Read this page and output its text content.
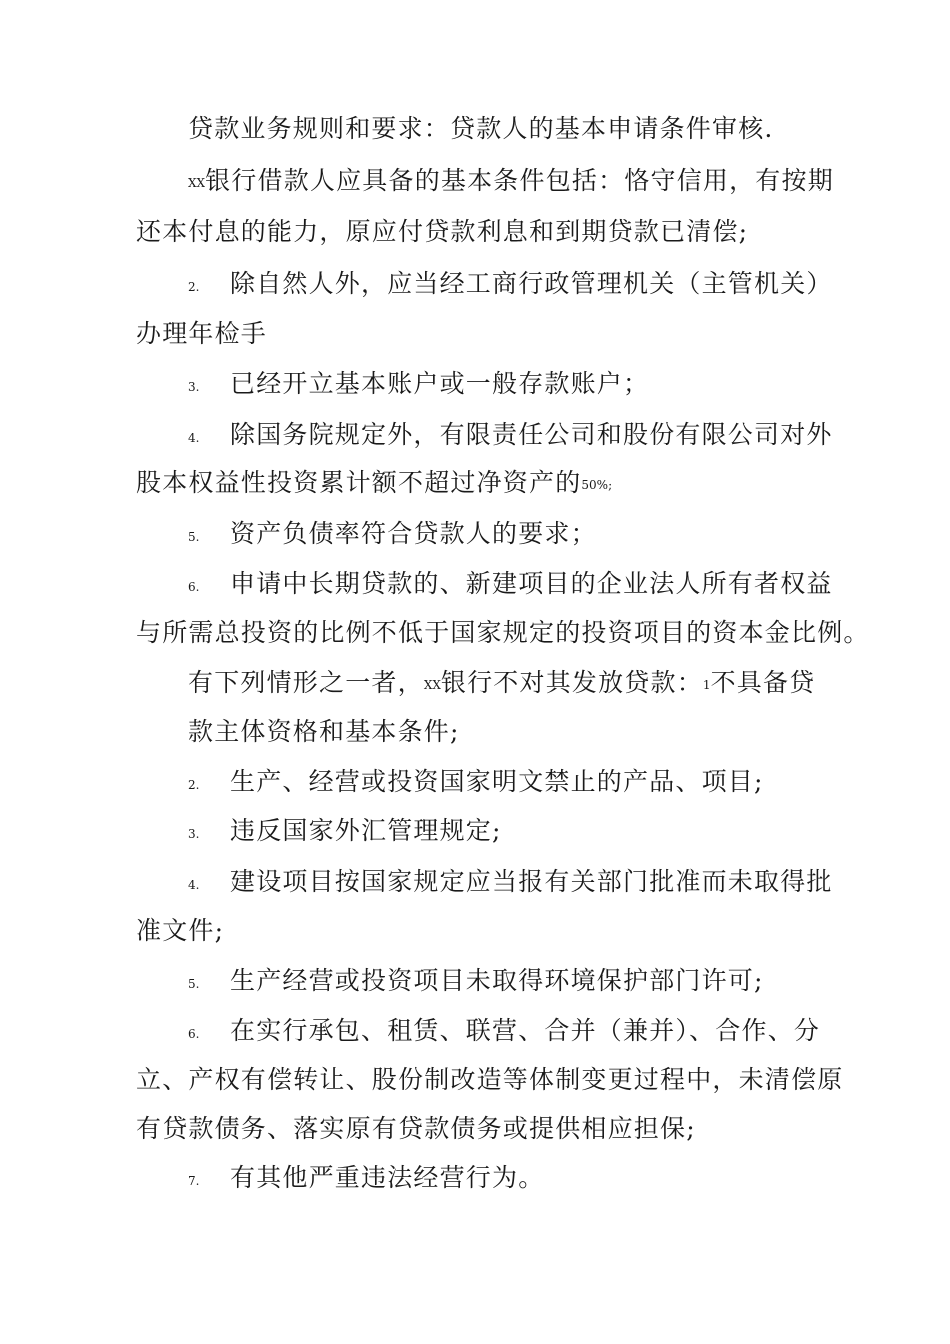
贷款业务规则和要求：贷款人的基本申请条件审核.
XX银行借款人应具备的基本条件包括：恪守信用，有按期
还本付息的能力，原应付贷款利息和到期贷款已清偿;
2. 除自然人外，应当经工商行政管理机关（主管机关）
办理年检手
3. 已经开立基本账户或一般存款账户；
4. 除国务院规定外，有限责任公司和股份有限公司对外
股本权益性投资累计额不超过净资产的50%;
5. 资产负债率符合贷款人的要求；
6. 申请中长期贷款的、新建项目的企业法人所有者权益
与所需总投资的比例不低于国家规定的投资项目的资本金比例。
有下列情形之一者，XX银行不对其发放贷款：1不具备贷
款主体资格和基本条件;
2. 生产、经营或投资国家明文禁止的产品、项目;
3. 违反国家外汇管理规定;
4. 建设项目按国家规定应当报有关部门批准而未取得批
准文件;
5. 生产经营或投资项目未取得环境保护部门许可;
6. 在实行承包、租赁、联营、合并（兼并）、合作、分
立、产权有偿转让、股份制改造等体制变更过程中，未清偿原
有贷款债务、落实原有贷款债务或提供相应担保;
7. 有其他严重违法经营行为。
